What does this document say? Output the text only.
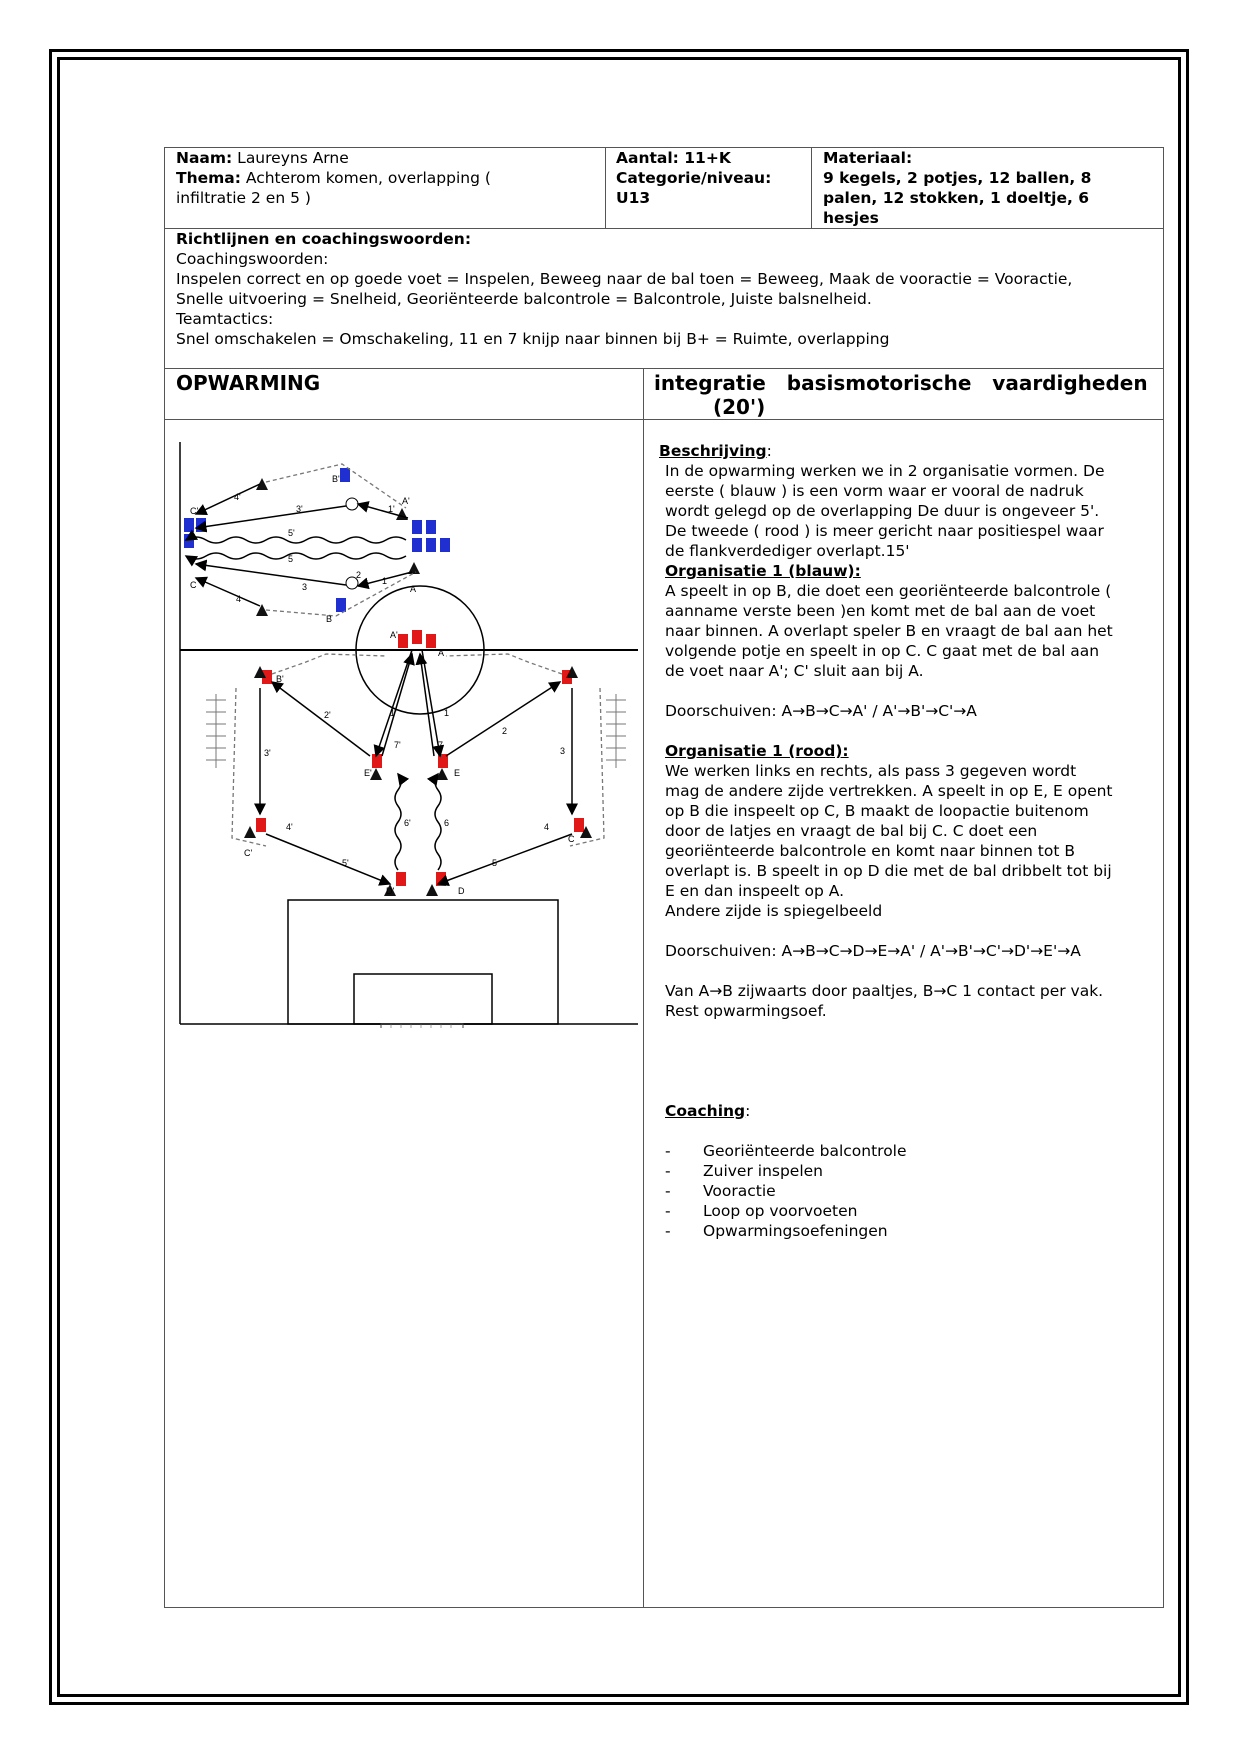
Naam: Laureyns Arne
Thema: Achterom komen, overlapping (
infiltratie 2 en 5 )
Aantal: 11+K
Categorie/niveau:
U13
Materiaal:
9 kegels, 2 potjes, 12 ballen, 8
palen, 12 stokken, 1 doeltje, 6
hesjes
Richtlijnen en coachingswoorden:
Coachingswoorden:
Inspelen correct en op goede voet = Inspelen, Beweeg naar de bal toen = Beweeg, Maak de vooractie = Vooractie,
Snelle uitvoering = Snelheid, Georiënteerde balcontrole = Balcontrole, Juiste balsnelheid.
Teamtactics:
Snel omschakelen = Omschakeling, 11 en 7 knijp naar binnen bij B+ = Ruimte, overlapping
OPWARMING	integratie   basismotorische   vaardigheden
(20')
C'
4'
3'
5'
5
C
4
3
B
B'
1'
A'
1
A
2
A'
A
B'
1'	1
2'
2
3'	3
E'	E
7'	7
6'	6
4'	4
C'
C
5'	5
D'	D
Beschrijving:
In de opwarming werken we in 2 organisatie vormen. De
eerste ( blauw ) is een vorm waar er vooral de nadruk
wordt gelegd op de overlapping De duur is ongeveer 5'.
De tweede ( rood ) is meer gericht naar positiespel waar
de flankverdediger overlapt.15'
Organisatie 1 (blauw):
A speelt in op B, die doet een georiënteerde balcontrole (
aanname verste been )en komt met de bal aan de voet
naar binnen. A overlapt speler B en vraagt de bal aan het
volgende potje en speelt in op C. C gaat met de bal aan
de voet naar A'; C' sluit aan bij A.
Doorschuiven: A→B→C→A' / A'→B'→C'→A
Organisatie 1 (rood):
We werken links en rechts, als pass 3 gegeven wordt
mag de andere zijde vertrekken. A speelt in op E, E opent
op B die inspeelt op C, B maakt de loopactie buitenom
door de latjes en vraagt de bal bij C. C doet een
georiënteerde balcontrole en komt naar binnen tot B
overlapt is. B speelt in op D die met de bal dribbelt tot bij
E en dan inspeelt op A.
Andere zijde is spiegelbeeld
Doorschuiven: A→B→C→D→E→A' / A'→B'→C'→D'→E'→A
Van A→B zijwaarts door paaltjes, B→C 1 contact per vak.
Rest opwarmingsoef.
Coaching:
-	Georiënteerde balcontrole
-	Zuiver inspelen
-	Vooractie
-	Loop op voorvoeten
-	Opwarmingsoefeningen
